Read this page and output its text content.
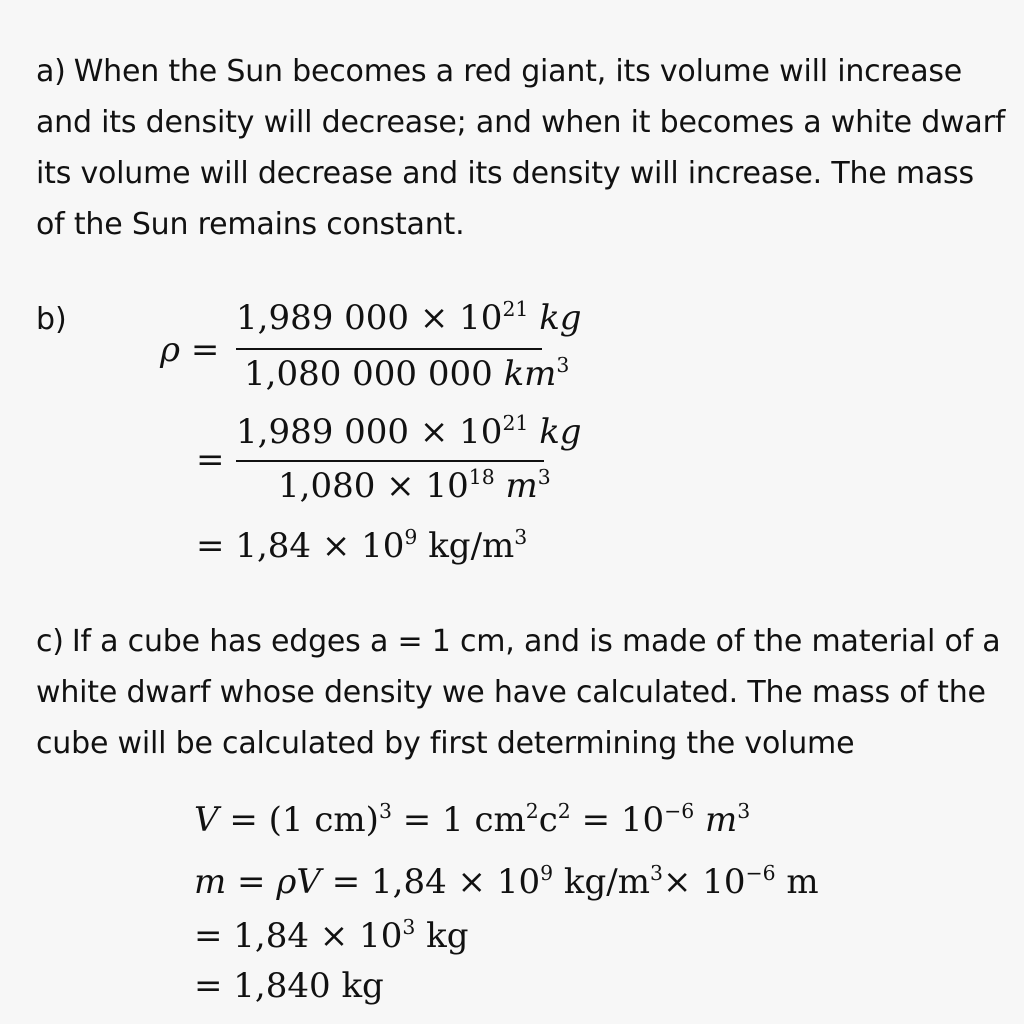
a) When the Sun becomes a red giant, its volume will increase
and its density will decrease; and when it becomes a white dwarf
its volume will decrease and its density will increase. The mass
of the Sun remains constant.

b)
ρ =
1,989 $000 \times 10^{21}$ kg
1,080 000 000 $km^3$
=
1,989 $000 \times 10^{21}$ kg
$1,080 \times 10^{18}$ $m^3$
= $1,84 \times 10^9$ $kg/m^3$

c) If a cube has edges a = 1 cm, and is made of the material of a
white dwarf whose density we have calculated. The mass of the
cube will be calculated by first determining the volume

V = (1 cm)$^3$ = 1 $cm^2c^2 = 10^{-6}$ $m^3$
$m = \rho V = 1,84 \times 10^9$ $kg/m^3\times 10^{-6}$ m
= $1,84 \times 10^3$ kg
= 1,840 kg
